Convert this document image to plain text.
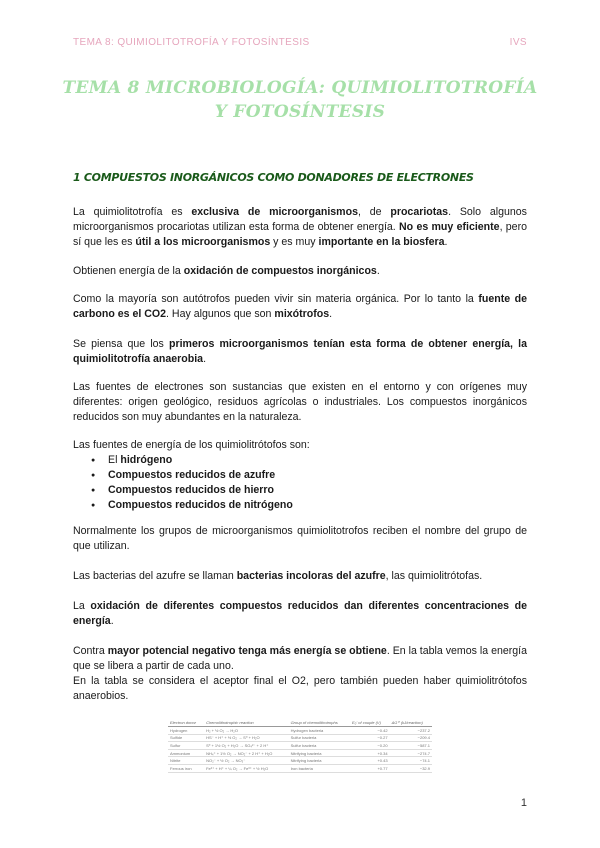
TEMA 8: QUIMIOLITOTROFÍA Y FOTOSÍNTESIS	IVS
TEMA 8 MICROBIOLOGÍA: QUIMIOLITOTROFÍA Y FOTOSÍNTESIS
1 COMPUESTOS INORGÁNICOS COMO DONADORES DE ELECTRONES

La quimiolitotrofía es exclusiva de microorganismos, de procariotas. Solo algunos microorganismos procariotas utilizan esta forma de obtener energía. No es muy eficiente, pero sí que les es útil a los microorganismos y es muy importante en la biosfera.

Obtienen energía de la oxidación de compuestos inorgánicos.

Como la mayoría son autótrofos pueden vivir sin materia orgánica. Por lo tanto la fuente de carbono es el CO2. Hay algunos que son mixótrofos.

Se piensa que los primeros microorganismos tenían esta forma de obtener energía, la quimiolitotrofía anaerobia.

Las fuentes de electrones son sustancias que existen en el entorno y con orígenes muy diferentes: origen geológico, residuos agrícolas o industriales. Los compuestos inorgánicos reducidos son muy abundantes en la naturaleza.

Las fuentes de energía de los quimiolitrótofos son:

● El hidrógeno
● Compuestos reducidos de azufre
● Compuestos reducidos de hierro
● Compuestos reducidos de nitrógeno

Normalmente los grupos de microorganismos quimiolitotrofos reciben el nombre del grupo de que utilizan.

Las bacterias del azufre se llaman bacterias incoloras del azufre, las quimiolitrótofas.

La oxidación de diferentes compuestos reducidos dan diferentes concentraciones de energía.

Contra mayor potencial negativo tenga más energía se obtiene. En la tabla vemos la energía que se libera a partir de cada uno.

En la tabla se considera el aceptor final el O2, pero también pueden haber quimiolitrótofos anaerobios.

Electron donor	Chemolithotrophic reaction	Group of chemolithotrophs	E₀' of couple (V)	ΔG⁰' (kJ/reaction)
Hydrogen	H₂ + ½ O₂ → H₂O	Hydrogen bacteria	−0.42	−237.2
Sulfide	HS⁻ + H⁺ + ½ O₂ → S⁰ + H₂O	Sulfur bacteria	−0.27	−209.4
Sulfur	S⁰ + 1½ O₂ + H₂O → SO₄²⁻ + 2 H⁺	Sulfur bacteria	−0.20	−587.1
Ammonium	NH₄⁺ + 1½ O₂ → NO₂⁻ + 2 H⁺ + H₂O	Nitrifying bacteria	+0.34	−274.7
Nitrite	NO₂⁻ + ½ O₂ → NO₃⁻	Nitrifying bacteria	+0.43	−74.1
Ferrous iron	Fe²⁺ + H⁺ + ¼ O₂ → Fe³⁺ + ½ H₂O	Iron bacteria	+0.77	−32.9
1
